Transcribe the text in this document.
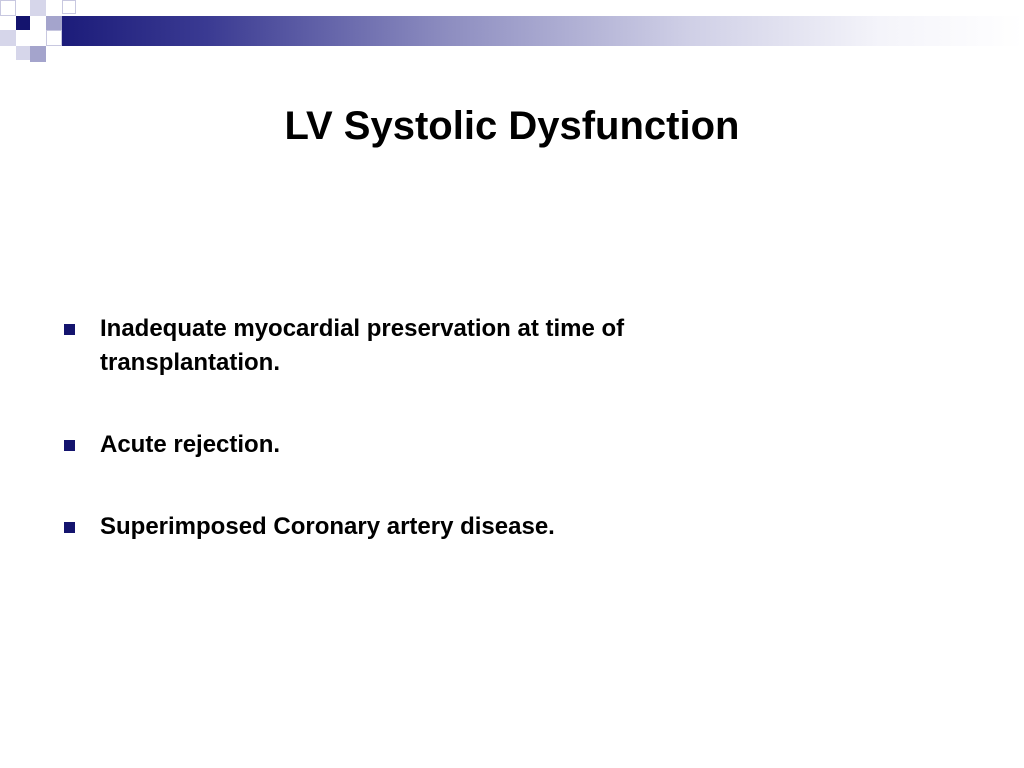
LV Systolic Dysfunction
Inadequate myocardial preservation at time of transplantation.
Acute rejection.
Superimposed Coronary artery disease.
